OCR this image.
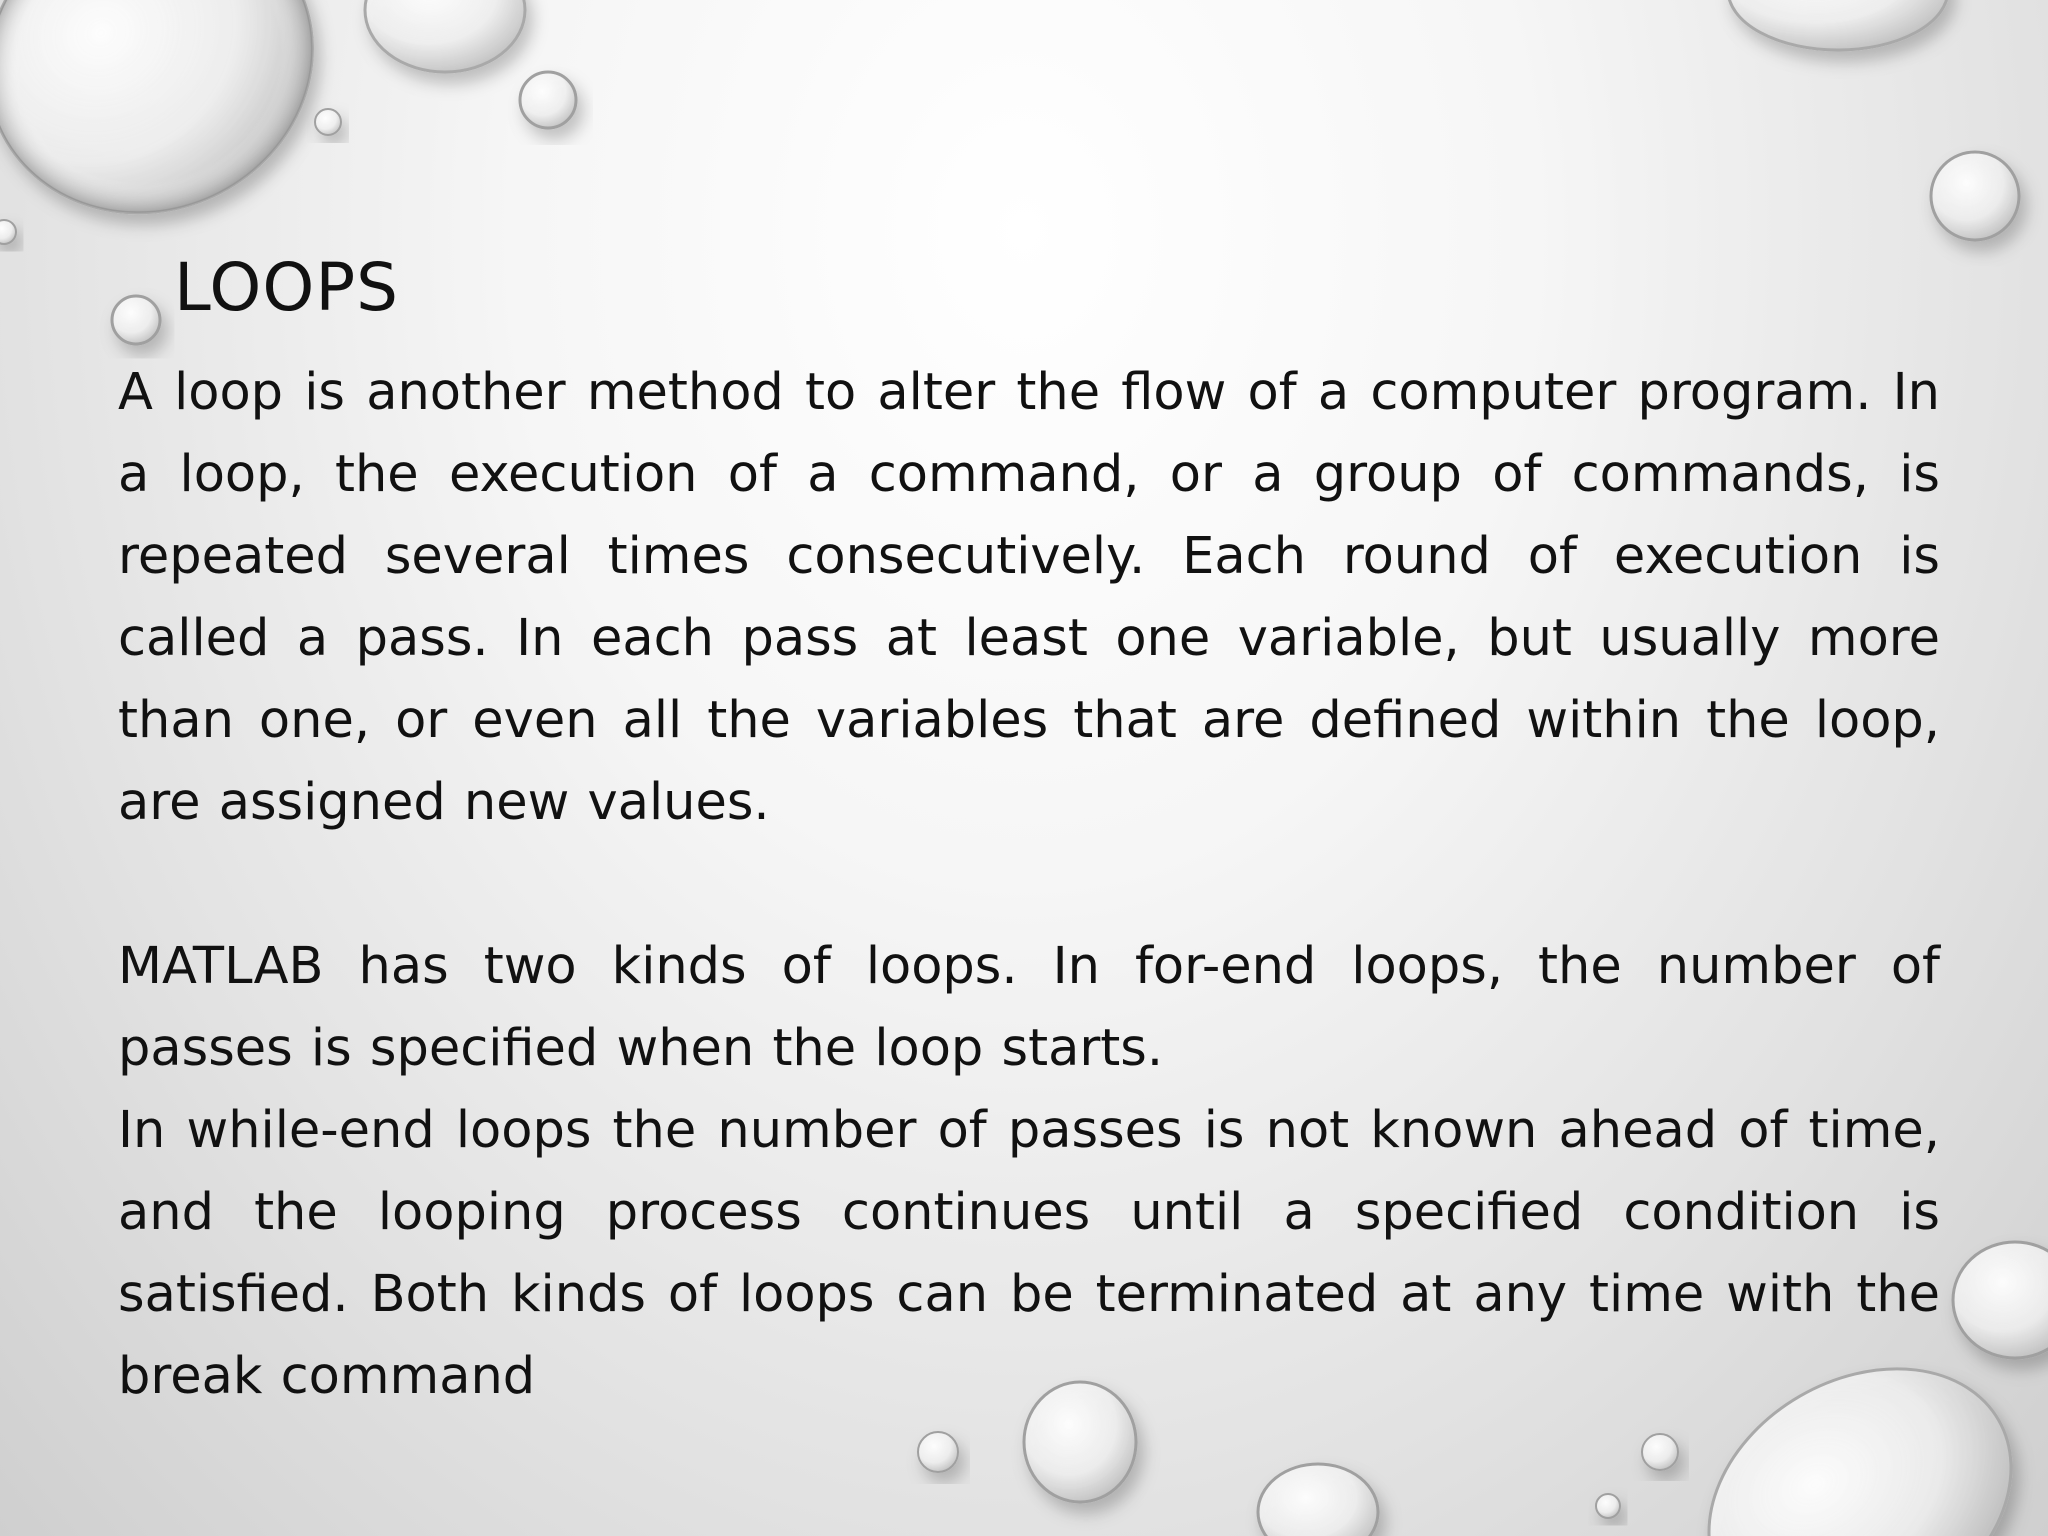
LOOPS

A loop is another method to alter the flow of a computer program. In a loop, the execution of a command, or a group of commands, is repeated several times consecutively. Each round of execution is called a pass. In each pass at least one variable, but usually more than one, or even all the variables that are defined within the loop, are assigned new values.

MATLAB has two kinds of loops. In for-end loops, the number of passes is specified when the loop starts.

In while-end loops the number of passes is not known ahead of time, and the looping process continues until a specified condition is satisfied. Both kinds of loops can be terminated at any time with the break command
